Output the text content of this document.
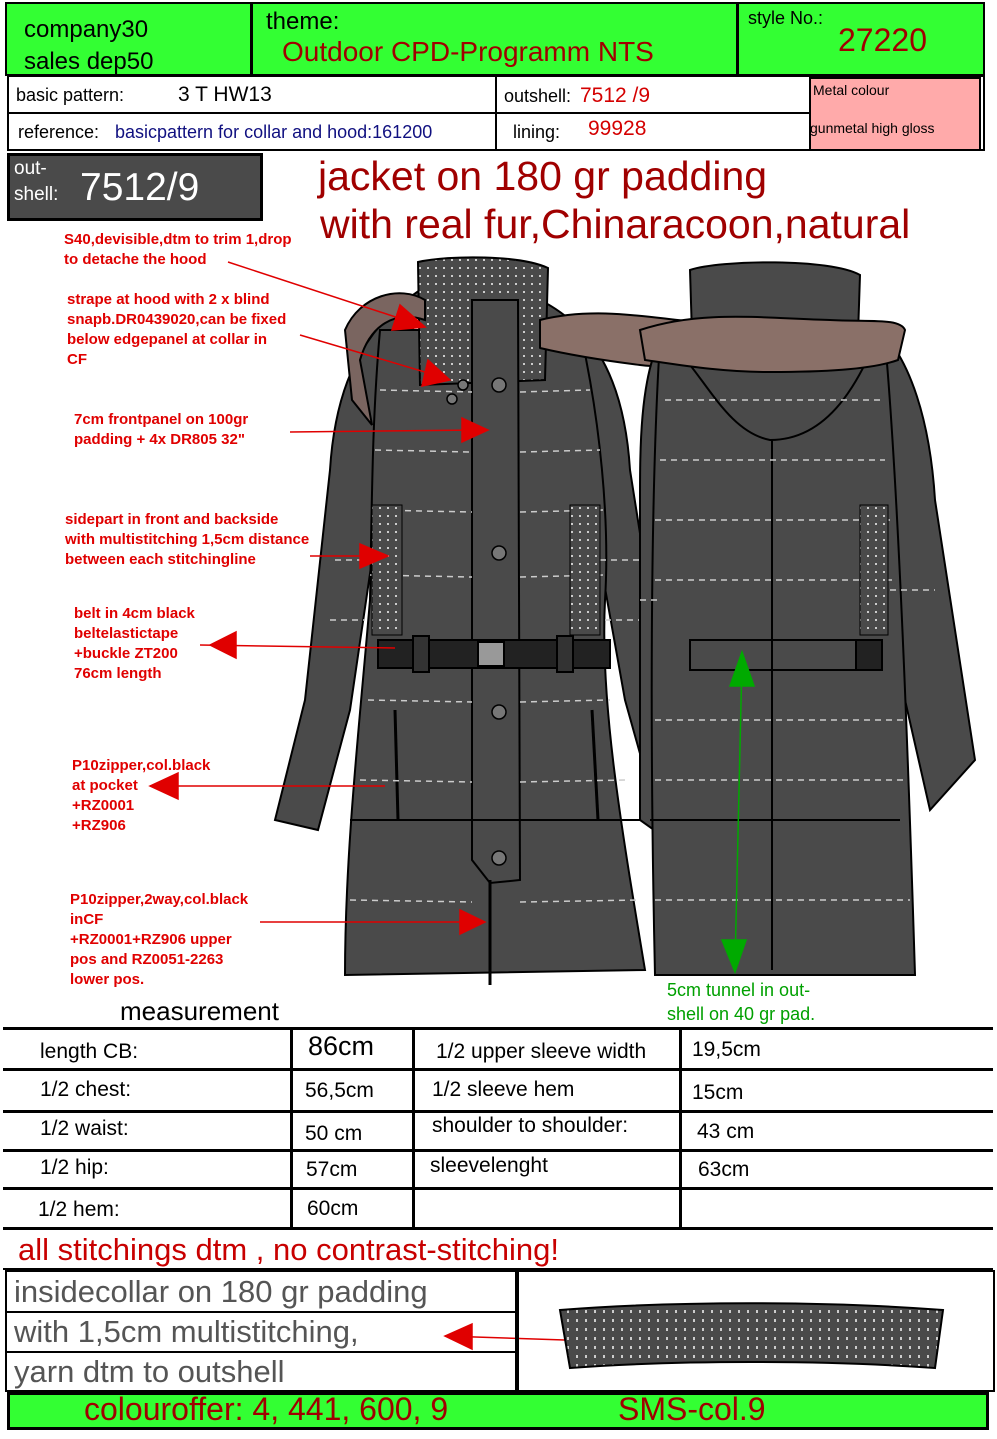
company30
sales dep50
theme:
Outdoor CPD-Programm NTS
style No.:
27220
basic pattern:	3 T HW13	outshell: 7512 /9	Metal colour
gunmetal high gloss
reference: basicpattern for collar and hood:161200	lining: 99928
out-
shell: 7512/9	jacket on 180 gr padding
with real fur,Chinaracoon,natural
S40,devisible,dtm to trim 1,drop
to detache the hood
strape at hood with 2 x blind
snapb.DR0439020,can be fixed
below edgepanel at collar in
CF
7cm frontpanel on 100gr
padding + 4x DR805 32"
sidepart in front and backside
with multistitching 1,5cm distance
between each stitchingline
belt in 4cm black
beltelastictape
+buckle ZT200
76cm length
P10zipper,col.black
at pocket
+RZ0001
+RZ906
P10zipper,2way,col.black
inCF
+RZ0001+RZ906 upper
pos and RZ0051-2263
lower pos.
5cm tunnel in out-
shell on 40 gr pad.
measurement
length CB:	86cm	1/2 upper sleeve width 19,5cm
1/2 chest:	56,5cm	1/2 sleeve hem	15cm
1/2 waist:	50 cm	shoulder to shoulder:	43 cm
1/2 hip:	57cm	sleevelenght	63cm
1/2 hem:	60cm
all stitchings dtm , no contrast-stitching!
insidecollar on 180 gr padding
with 1,5cm multistitching,
yarn dtm to outshell
colouroffer: 4, 441, 600, 9	SMS-col.9
